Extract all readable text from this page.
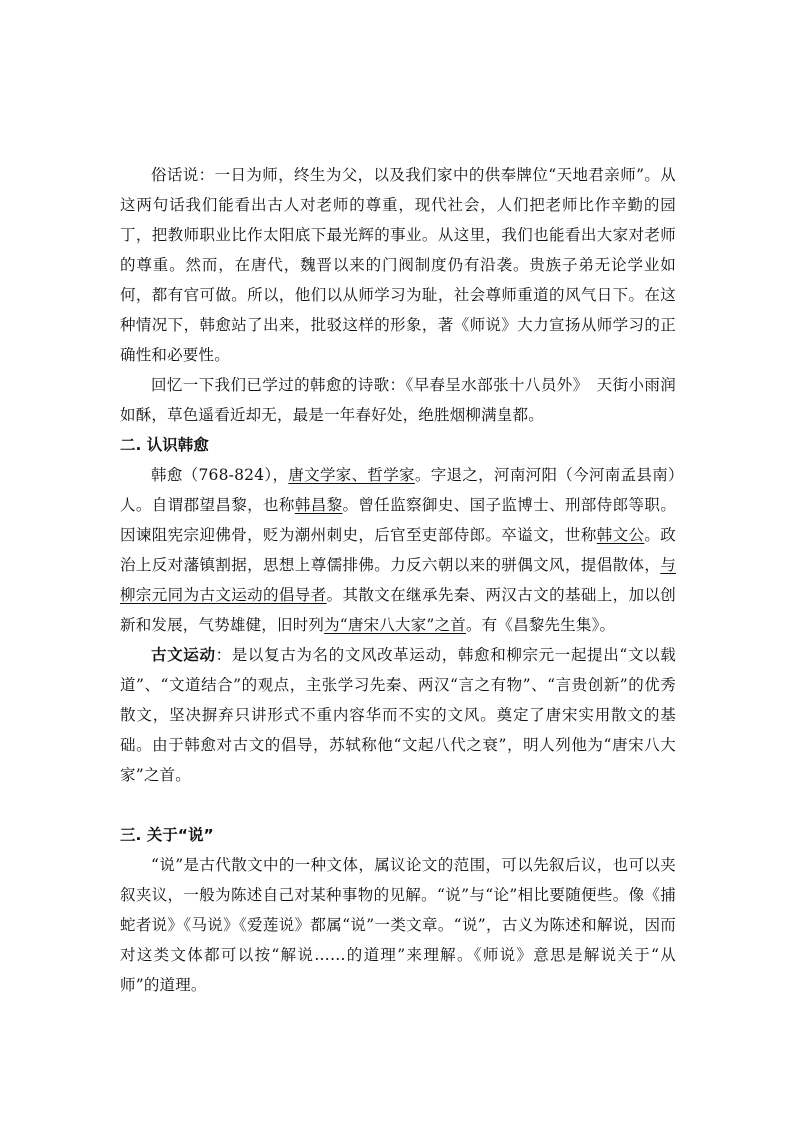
俗话说：一日为师，终生为父，以及我们家中的供奉牌位“天地君亲师”。从这两句话我们能看出古人对老师的尊重，现代社会，人们把老师比作辛勤的园丁，把教师职业比作太阳底下最光辉的事业。从这里，我们也能看出大家对老师的尊重。然而，在唐代，魏晋以来的门阀制度仍有沿袭。贵族子弟无论学业如何，都有官可做。所以，他们以从师学习为耻，社会尊师重道的风气日下。在这种情况下，韩愈站了出来，批驳这样的形象，著《师说》大力宣扬从师学习的正确性和必要性。

回忆一下我们已学过的韩愈的诗歌：《早春呈水部张十八员外》　天街小雨润如酥，草色遥看近却无，最是一年春好处，绝胜烟柳满皇都。

二. 认识韩愈

韩愈（768-824），唐文学家、哲学家。字退之，河南河阳（今河南孟县南）人。自谓郡望昌黎，也称韩昌黎。曾任监察御史、国子监博士、刑部侍郎等职。因谏阻宪宗迎佛骨，贬为潮州刺史，后官至吏部侍郎。卒谥文，世称韩文公。政治上反对藩镇割据，思想上尊儒排佛。力反六朝以来的骈偶文风，提倡散体，与柳宗元同为古文运动的倡导者。其散文在继承先秦、两汉古文的基础上，加以创新和发展，气势雄健，旧时列为“唐宋八大家”之首。有《昌黎先生集》。

古文运动：是以复古为名的文风改革运动，韩愈和柳宗元一起提出“文以载道”、“文道结合”的观点，主张学习先秦、两汉“言之有物”、“言贵创新”的优秀散文，坚决摒弃只讲形式不重内容华而不实的文风。奠定了唐宋实用散文的基础。由于韩愈对古文的倡导，苏轼称他“文起八代之衰”，明人列他为“唐宋八大家”之首。

三. 关于“说”

“说”是古代散文中的一种文体，属议论文的范围，可以先叙后议，也可以夹叙夹议，一般为陈述自己对某种事物的见解。“说”与“论”相比要随便些。像《捕蛇者说》《马说》《爱莲说》都属“说”一类文章。“说”，古义为陈述和解说，因而对这类文体都可以按“解说……的道理”来理解。《师说》意思是解说关于“从师”的道理。
